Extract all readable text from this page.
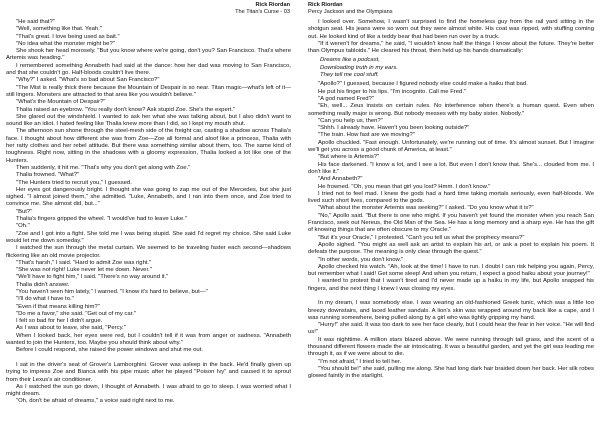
Rick Riordan
The Titan's Curse - 03

"He said that?"

"Well, something like that. Yeah."

"That's great. I love being used as bait."

"No idea what the monster might be?"

She shook her head morosely. "But you know where we're going, don't you? San Francisco. That's where Artemis was heading."

I remembered something Annabeth had said at the dance: how her dad was moving to San Francisco, and that she couldn't go. Half-bloods couldn't live there.

"Why?" I asked. "What's so bad about San Francisco?"

"The Mist is really thick there because the Mountain of Despair is so near. Titan magic—what's left of it—still lingers. Monsters are attracted to that area like you wouldn't believe."

"What's the Mountain of Despair?"

Thalia raised an eyebrow. "You really don't know? Ask stupid Zoe. She's the expert."

She glared out the windshield. I wanted to ask her what she was talking about, but I also didn't want to sound like an idiot. I hated feeling like Thalia knew more than I did, so I kept my mouth shut.

The afternoon sun shone through the steel-mesh side of the freight car, casting a shadow across Thalia's face. I thought about how different she was from Zoe—Zoe all formal and aloof like a princess, Thalia with her ratty clothes and her rebel attitude. But there was something similar about them, too. The same kind of toughness. Right now, sitting in the shadows with a gloomy expression, Thalia looked a lot like one of the Hunters.

Then suddenly, it hit me. "That's why you don't get along with Zoe."

Thalia frowned. "What?"

"The Hunters tried to recruit you," I guessed.

Her eyes got dangerously bright. I thought she was going to zap me out of the Mercedes, but she just sighed. "I almost joined them," she admitted. "Luke, Annabeth, and I ran into them once, and Zoe tried to convince me. She almost did, but..."

"But?"

Thalia's fingers gripped the wheel. "I would've had to leave Luke."

"Oh."

"Zoe and I got into a fight. She told me I was being stupid. She said I'd regret my choice. She said Luke would let me down someday."

I watched the sun through the metal curtain. We seemed to be traveling faster each second—shadows flickering like an old movie projector.

"That's harsh," I said. "Hard to admit Zoe was right."

"She was not right! Luke never let me down. Never."

"We'll have to fight him," I said. "There's no way around it."

Thalia didn't answer.

"You haven't seen him lately," I warned. "I know it's hard to believe, but—"

"I'll do what I have to."

"Even if that means killing him?"

"Do me a favor," she said. "Get out of my car."

I felt so bad for her I didn't argue.

As I was about to leave, she said, "Percy."

When I looked back, her eyes were red, but I couldn't tell if it was from anger or sadness. "Annabeth wanted to join the Hunters, too. Maybe you should think about why."

Before I could respond, she raised the power windows and shut me out.

I sat in the driver's seat of Grover's Lamborghini. Grover was asleep in the back. He'd finally given up trying to impress Zoe and Bianca with his pipe music after he played "Poison Ivy" and caused it to sprout from their Lexus's air conditioner.

As I watched the sun go down, I thought of Annabeth. I was afraid to go to sleep. I was worried what I might dream.

"Oh, don't be afraid of dreams," a voice said right next to me.

Rick Riordan
Percy Jackson and the Olympians

I looked over. Somehow, I wasn't surprised to find the homeless guy from the rail yard sitting in the shotgun seat. His jeans were so worn out they were almost white. His coat was ripped, with stuffing coming out. He looked kind of like a teddy bear that had been run over by a truck.

"If it weren't for dreams," he said, "I wouldn't know half the things I know about the future. They're better than Olympus tabloids." He cleared his throat, then held up his hands dramatically:

Dreams like a podcast,
Downloading truth in my ears.
They tell me cool stuff.

"Apollo?" I guessed, because I figured nobody else could make a haiku that bad.

He put his finger to his lips. "I'm incognito. Call me Fred."

"A god named Fred?"

"Eh, well... Zeus insists on certain rules. No interference when there's a human quest. Even when something really major is wrong. But nobody messes with my baby sister. Nobody."

"Can you help us, then?"

"Shhh. I already have. Haven't you been looking outside?"

"The train. How fast are we moving?"

Apollo chuckled. "Fast enough. Unfortunately, we're running out of time. It's almost sunset. But I imagine we'll get you across a good chunk of America, at least."

"But where is Artemis?"

His face darkened. "I know a lot, and I see a lot. But even I don't know that. She's... clouded from me. I don't like it."

"And Annabeth?"

He frowned. "Oh, you mean that girl you lost? Hmm. I don't know."

I tried not to feel mad. I knew the gods had a hard time taking mortals seriously, even half-bloods. We lived such short lives, compared to the gods.

"What about the monster Artemis was seeking?" I asked. "Do you know what it is?"

"No," Apollo said. "But there is one who might. If you haven't yet found the monster when you reach San Francisco, seek out Nereus, the Old Man of the Sea. He has a long memory and a sharp eye. He has the gift of knowing things that are often obscure to my Oracle."

"But it's your Oracle," I protested. "Can't you tell us what the prophecy means?"

Apollo sighed. "You might as well ask an artist to explain his art, or ask a poet to explain his poem. It defeats the purpose. The meaning is only clear through the quest."

"In other words, you don't know."

Apollo checked his watch. "Ah, look at the time! I have to run. I doubt I can risk helping you again, Percy, but remember what I said! Get some sleep! And when you return, I expect a good haiku about your journey!"

I wanted to protest that I wasn't tired and I'd never made up a haiku in my life, but Apollo snapped his fingers, and the next thing I knew I was closing my eyes.

In my dream, I was somebody else. I was wearing an old-fashioned Greek tunic, which was a little too breezy downstairs, and laced leather sandals. A lion's skin was wrapped around my back like a cape, and I was running somewhere, being pulled along by a girl who was tightly gripping my hand.

"Hurry!" she said. It was too dark to see her face clearly, but I could hear the fear in her voice. "He will find us!"

It was nighttime. A million stars blazed above. We were running through tall grass, and the scent of a thousand different flowers made the air intoxicating. It was a beautiful garden, and yet the girl was leading me through it, as if we were about to die.

"I'm not afraid," I tried to tell her.

"You should be!" she said, pulling me along. She had long dark hair braided down her back. Her silk robes glowed faintly in the starlight.
